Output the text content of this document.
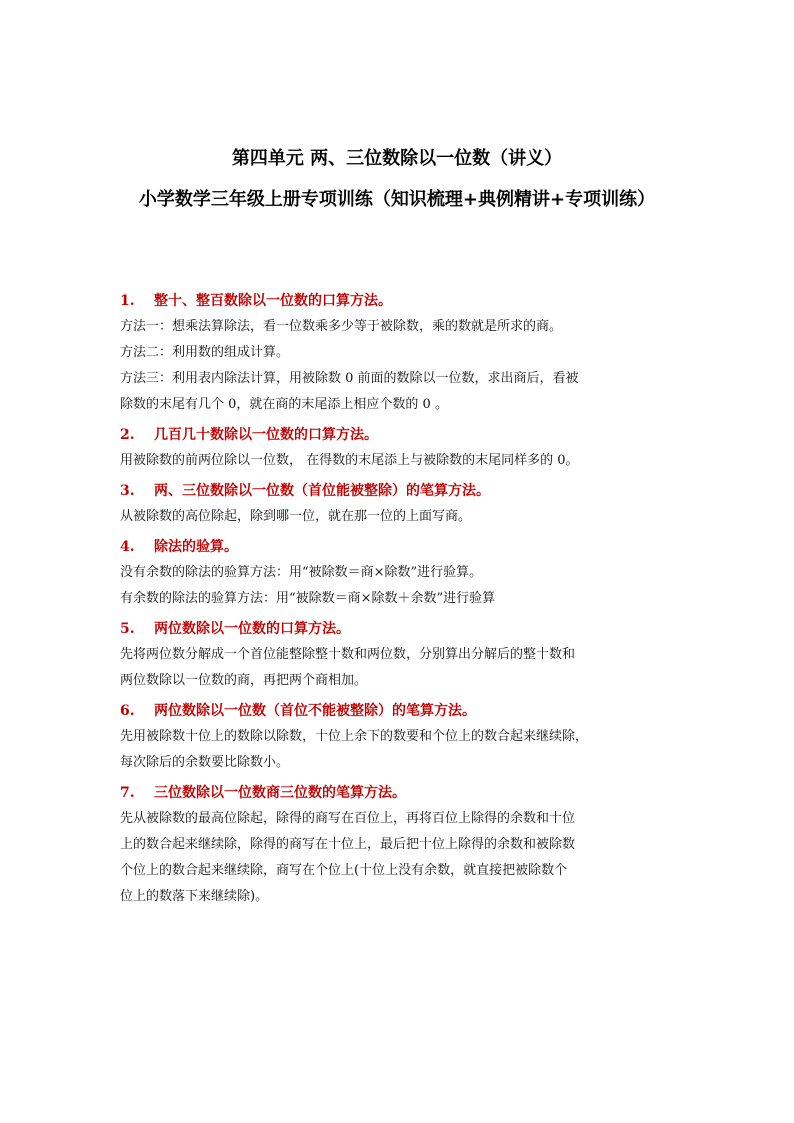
第四单元 两、三位数除以一位数（讲义）
小学数学三年级上册专项训练（知识梳理+典例精讲+专项训练）
1. 整十、整百数除以一位数的口算方法。

方法一：想乘法算除法，看一位数乘多少等于被除数，乘的数就是所求的商。

方法二：利用数的组成计算。

方法三：利用表内除法计算，用被除数 0 前面的数除以一位数，求出商后，看被
除数的末尾有几个 0，就在商的末尾添上相应个数的 0 。

2. 几百几十数除以一位数的口算方法。

用被除数的前两位除以一位数， 在得数的末尾添上与被除数的末尾同样多的 0。

3. 两、三位数除以一位数（首位能被整除）的笔算方法。

从被除数的高位除起，除到哪一位，就在那一位的上面写商。

4. 除法的验算。

没有余数的除法的验算方法：用“被除数＝商×除数”进行验算。

有余数的除法的验算方法：用“被除数＝商×除数＋余数”进行验算

5. 两位数除以一位数的口算方法。

先将两位数分解成一个首位能整除整十数和两位数，分别算出分解后的整十数和
两位数除以一位数的商，再把两个商相加。

6. 两位数除以一位数（首位不能被整除）的笔算方法。

先用被除数十位上的数除以除数，十位上余下的数要和个位上的数合起来继续除，
每次除后的余数要比除数小。

7. 三位数除以一位数商三位数的笔算方法。

先从被除数的最高位除起，除得的商写在百位上，再将百位上除得的余数和十位
上的数合起来继续除，除得的商写在十位上，最后把十位上除得的余数和被除数
个位上的数合起来继续除，商写在个位上(十位上没有余数，就直接把被除数个
位上的数落下来继续除)。
